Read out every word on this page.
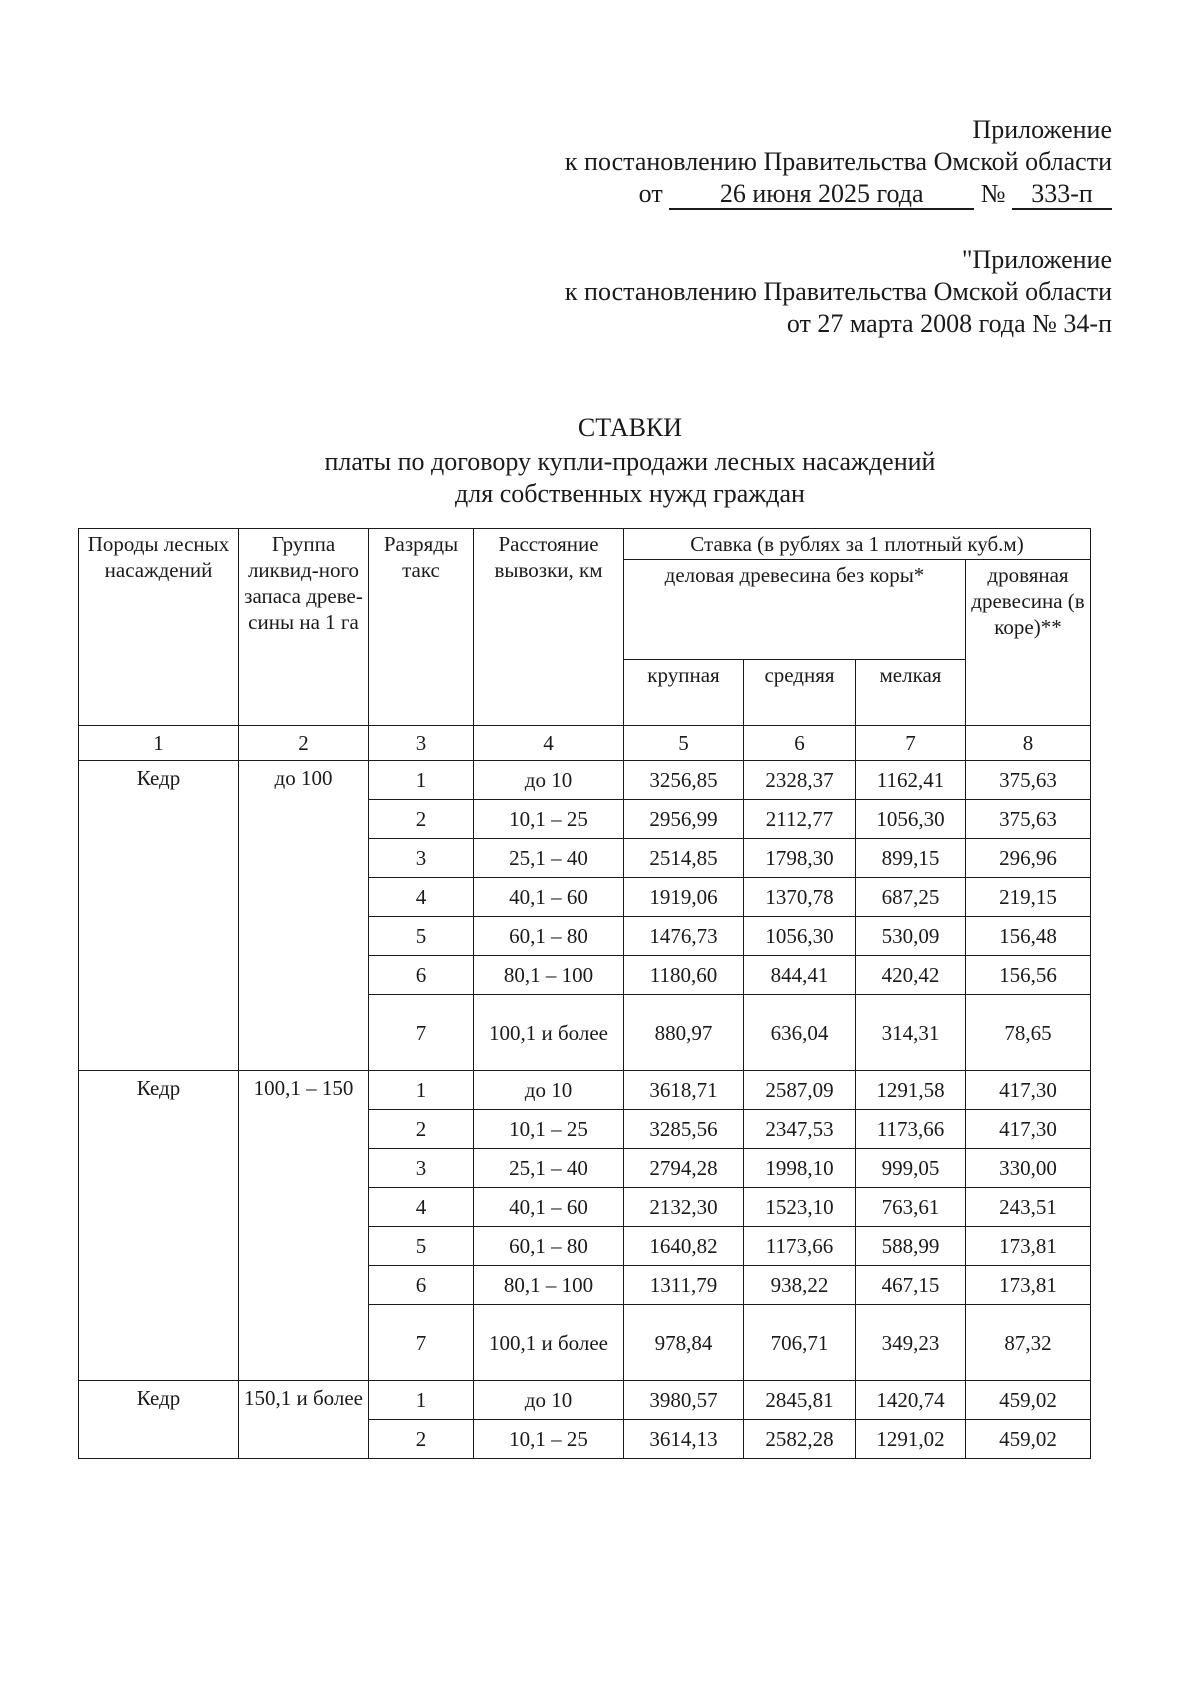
Приложение
к постановлению Правительства Омской области
от 26 июня 2025 года № 333-п
"Приложение
к постановлению Правительства Омской области
от 27 марта 2008 года № 34-п
СТАВКИ
платы по договору купли-продажи лесных насаждений
для собственных нужд граждан
Породы лесных насаждений	Группа ликвид-ного запаса древе-сины на 1 га	Разряды такс	Расстояние вывозки, км	Ставка (в рублях за 1 плотный куб.м)			
				деловая древесина без коры*			дровяная древесина (в коре)**
				крупная	средняя	мелкая	
1	2	3	4	5	6	7	8
Кедр	до 100	1	до 10	3256,85	2328,37	1162,41	375,63
		2	10,1 – 25	2956,99	2112,77	1056,30	375,63
		3	25,1 – 40	2514,85	1798,30	899,15	296,96
		4	40,1 – 60	1919,06	1370,78	687,25	219,15
		5	60,1 – 80	1476,73	1056,30	530,09	156,48
		6	80,1 – 100	1180,60	844,41	420,42	156,56
		7	100,1 и более	880,97	636,04	314,31	78,65
Кедр	100,1 – 150	1	до 10	3618,71	2587,09	1291,58	417,30
		2	10,1 – 25	3285,56	2347,53	1173,66	417,30
		3	25,1 – 40	2794,28	1998,10	999,05	330,00
		4	40,1 – 60	2132,30	1523,10	763,61	243,51
		5	60,1 – 80	1640,82	1173,66	588,99	173,81
		6	80,1 – 100	1311,79	938,22	467,15	173,81
		7	100,1 и более	978,84	706,71	349,23	87,32
Кедр	150,1 и более	1	до 10	3980,57	2845,81	1420,74	459,02
		2	10,1 – 25	3614,13	2582,28	1291,02	459,02
